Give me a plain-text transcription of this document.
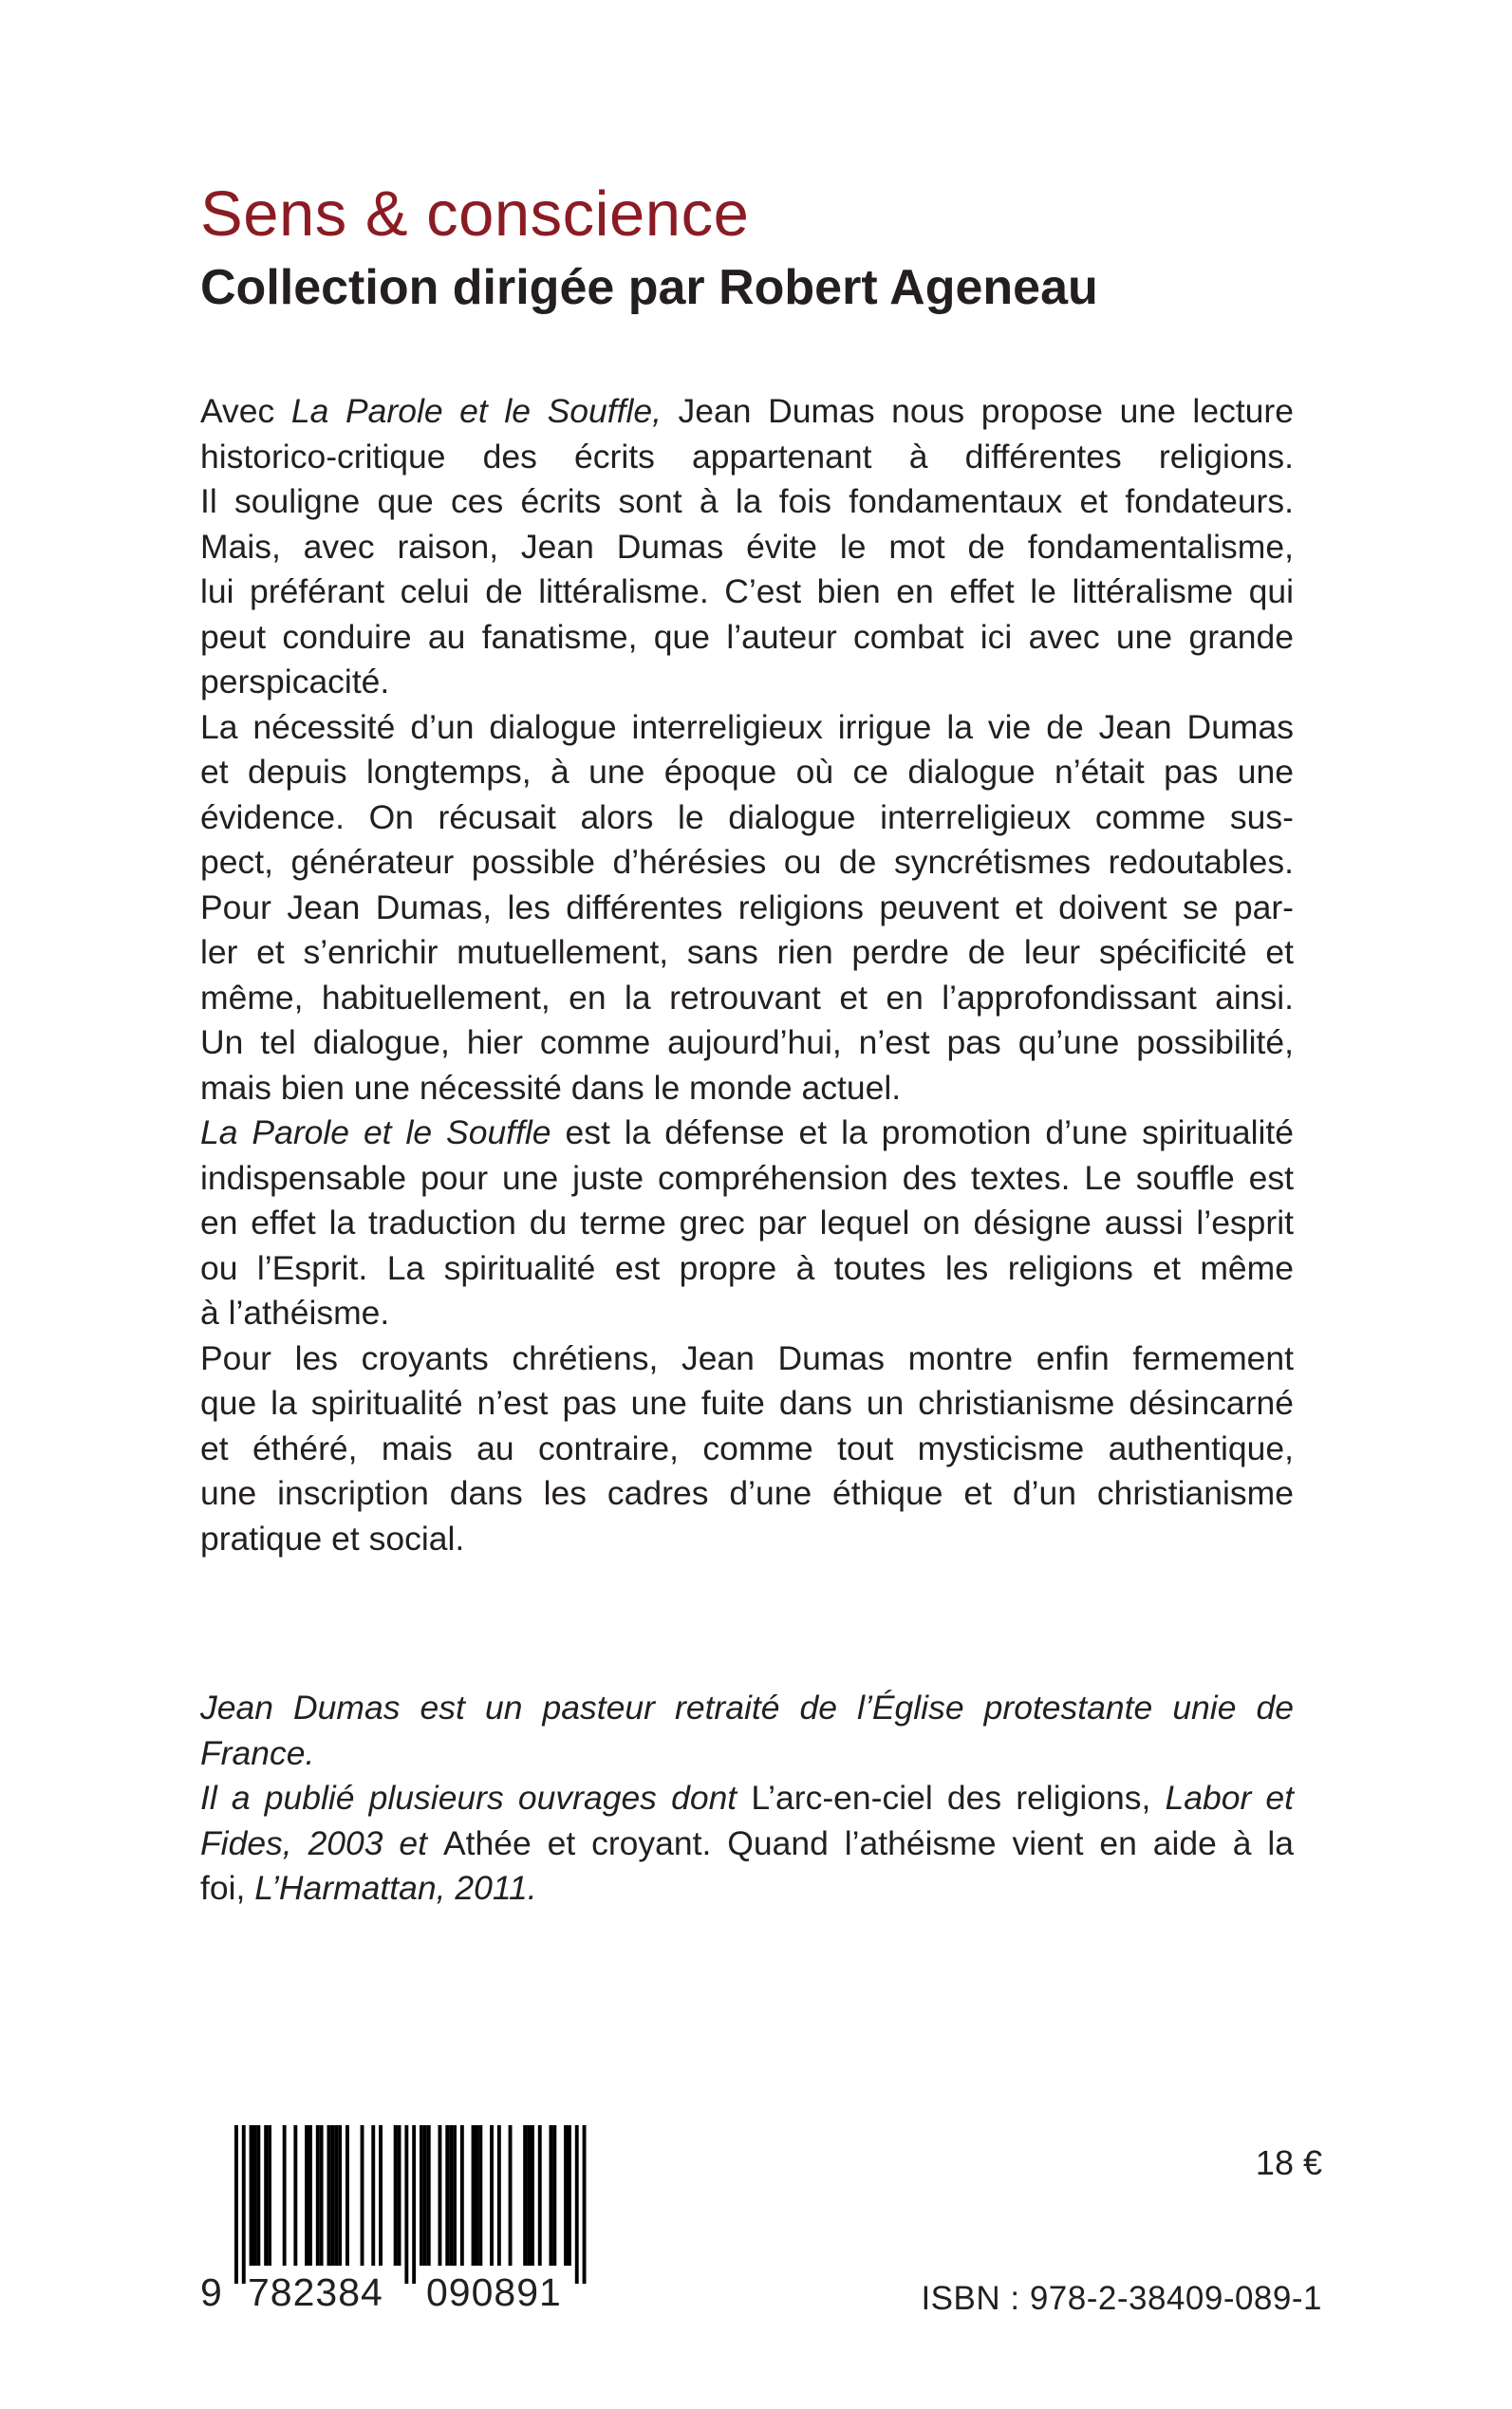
Sens & conscience
Collection dirigée par Robert Ageneau

Avec La Parole et le Souffle, Jean Dumas nous propose une lecture
historico-critique des écrits appartenant à différentes religions.
Il souligne que ces écrits sont à la fois fondamentaux et fondateurs.
Mais, avec raison, Jean Dumas évite le mot de fondamentalisme,
lui préférant celui de littéralisme. C’est bien en effet le littéralisme qui
peut conduire au fanatisme, que l’auteur combat ici avec une grande
perspicacité.

La nécessité d’un dialogue interreligieux irrigue la vie de Jean Dumas
et depuis longtemps, à une époque où ce dialogue n’était pas une
évidence. On récusait alors le dialogue interreligieux comme sus-
pect, générateur possible d’hérésies ou de syncrétismes redoutables.
Pour Jean Dumas, les différentes religions peuvent et doivent se par-
ler et s’enrichir mutuellement, sans rien perdre de leur spécificité et
même, habituellement, en la retrouvant et en l’approfondissant ainsi.
Un tel dialogue, hier comme aujourd’hui, n’est pas qu’une possibilité,
mais bien une nécessité dans le monde actuel.

La Parole et le Souffle est la défense et la promotion d’une spiritualité
indispensable pour une juste compréhension des textes. Le souffle est
en effet la traduction du terme grec par lequel on désigne aussi l’esprit
ou l’Esprit. La spiritualité est propre à toutes les religions et même
à l’athéisme.

Pour les croyants chrétiens, Jean Dumas montre enfin fermement
que la spiritualité n’est pas une fuite dans un christianisme désincarné
et éthéré, mais au contraire, comme tout mysticisme authentique,
une inscription dans les cadres d’une éthique et d’un christianisme
pratique et social.

Jean Dumas est un pasteur retraité de l’Église protestante unie de France.
Il a publié plusieurs ouvrages dont L’arc-en-ciel des religions, Labor et
Fides, 2003 et Athée et croyant. Quand l’athéisme vient en aide à la
foi, L’Harmattan, 2011.
9 782384 090891
18 €
ISBN : 978-2-38409-089-1
